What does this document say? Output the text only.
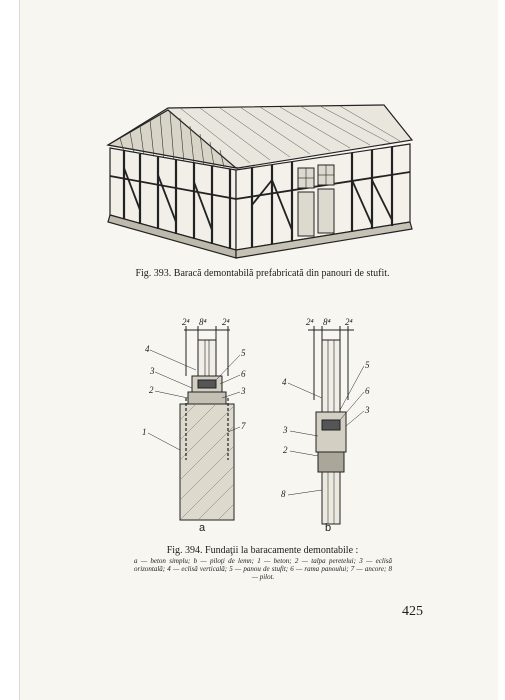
2⁴ 8⁴ 2⁴	2⁴ 8⁴ 2⁴
4	5
3	6
2	3
1
7
5
4
6
3
3
2
8
a	b
Fig. 393. Baracă demontabilă prefabricată din panouri de stufit.
Fig. 394. Fundaţii la baracamente demontabile :
a — beton simplu; b — piloţi de lemn; 1 — beton; 2 — talpa peretelui; 3 — eclisă orizontală; 4 — eclisă verticală; 5 — panou de stufit; 6 — rama panoului; 7 — ancore; 8 — pilot.
425
